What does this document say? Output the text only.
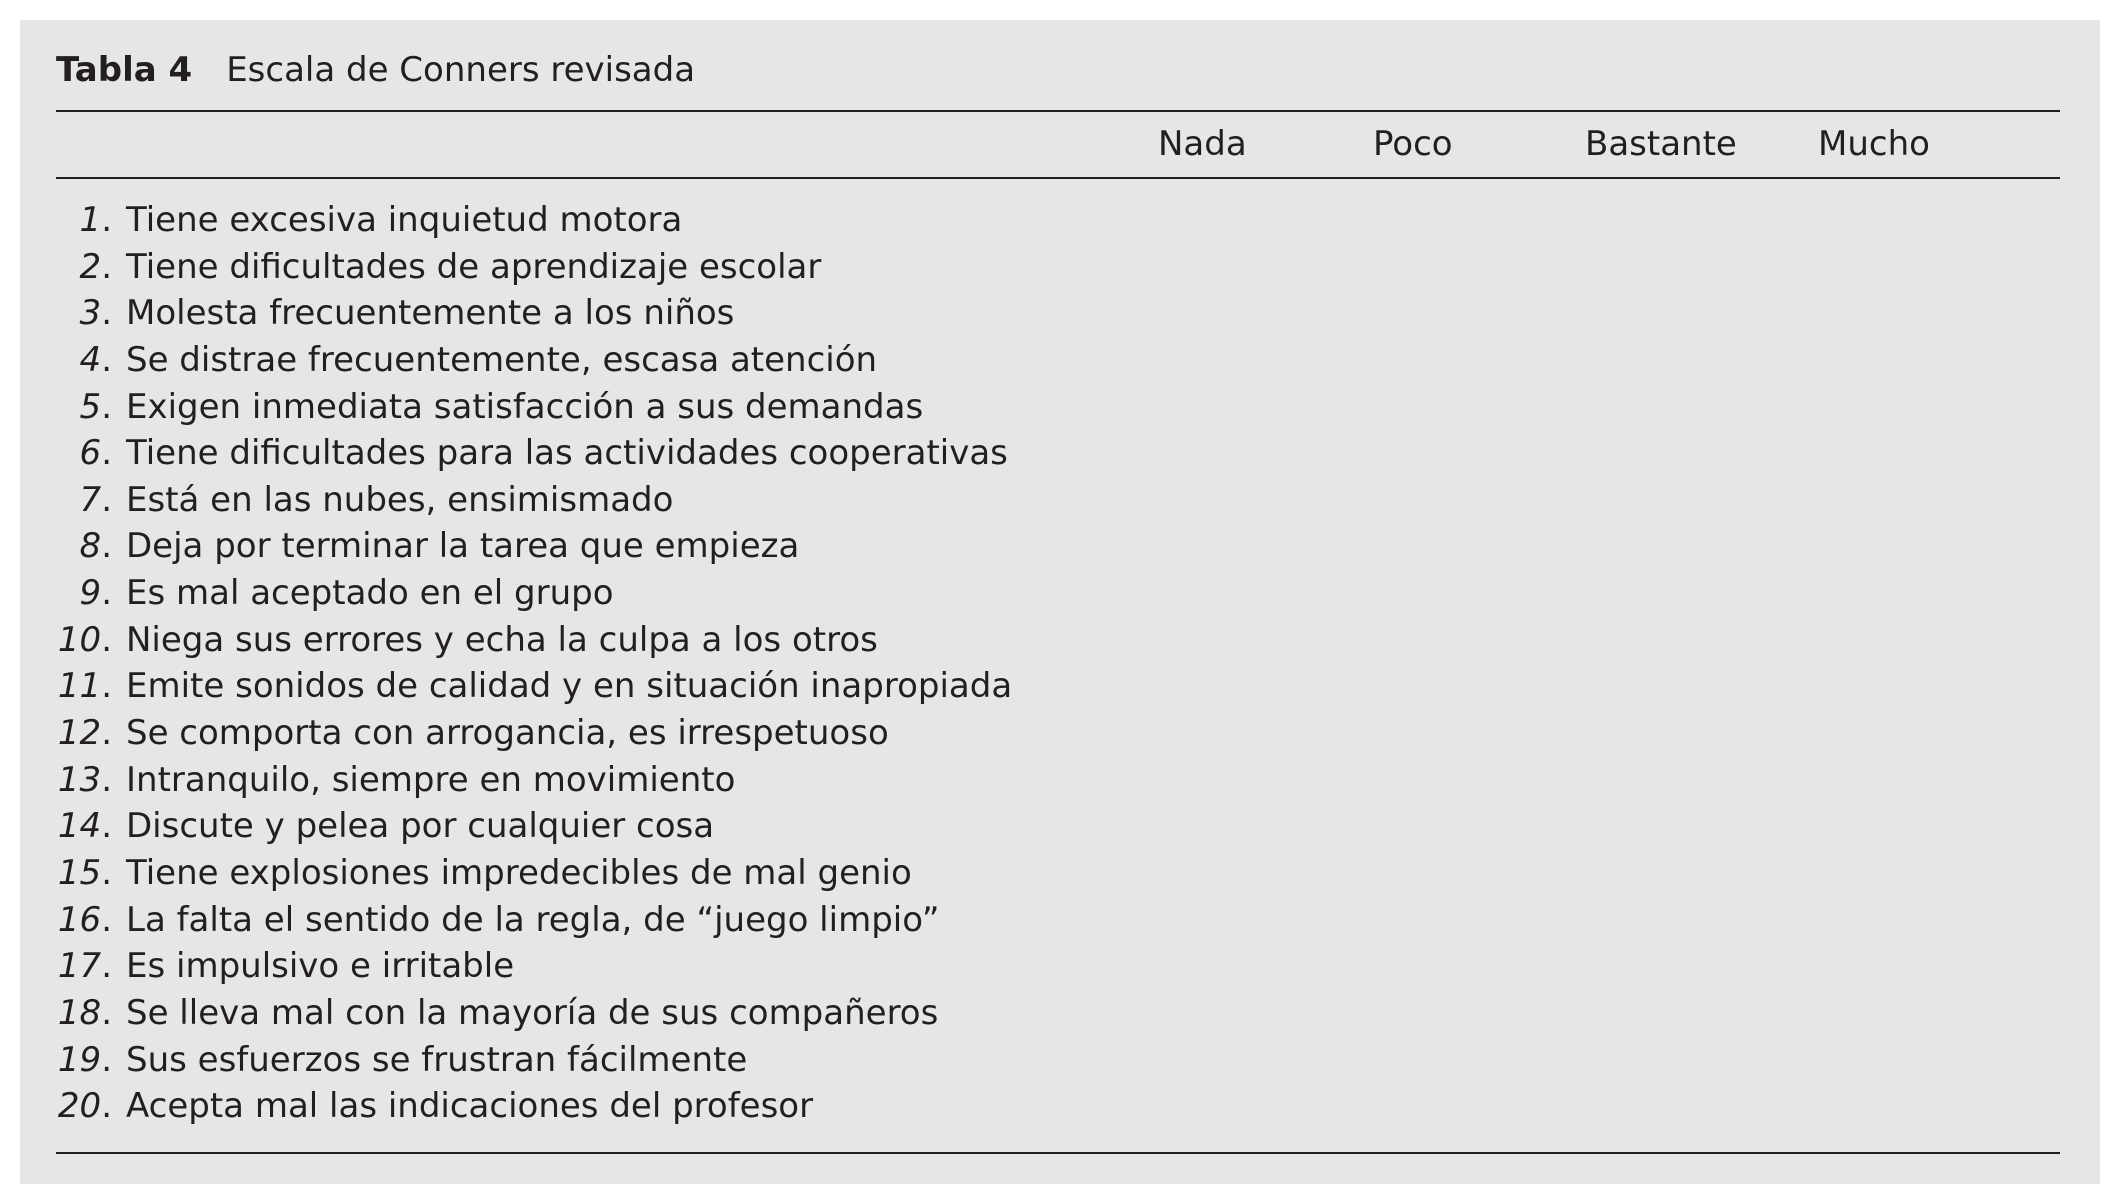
Tabla 4 Escala de Conners revisada
Nada	Poco	Bastante Mucho
1. Tiene excesiva inquietud motora
2. Tiene dificultades de aprendizaje escolar
3. Molesta frecuentemente a los niños
4. Se distrae frecuentemente, escasa atención
5. Exigen inmediata satisfacción a sus demandas
6. Tiene dificultades para las actividades cooperativas
7. Está en las nubes, ensimismado
8. Deja por terminar la tarea que empieza
9. Es mal aceptado en el grupo
10. Niega sus errores y echa la culpa a los otros
11. Emite sonidos de calidad y en situación inapropiada
12. Se comporta con arrogancia, es irrespetuoso
13. Intranquilo, siempre en movimiento
14. Discute y pelea por cualquier cosa
15. Tiene explosiones impredecibles de mal genio
16. La falta el sentido de la regla, de “juego limpio”
17. Es impulsivo e irritable
18. Se lleva mal con la mayoría de sus compañeros
19. Sus esfuerzos se frustran fácilmente
20. Acepta mal las indicaciones del profesor
